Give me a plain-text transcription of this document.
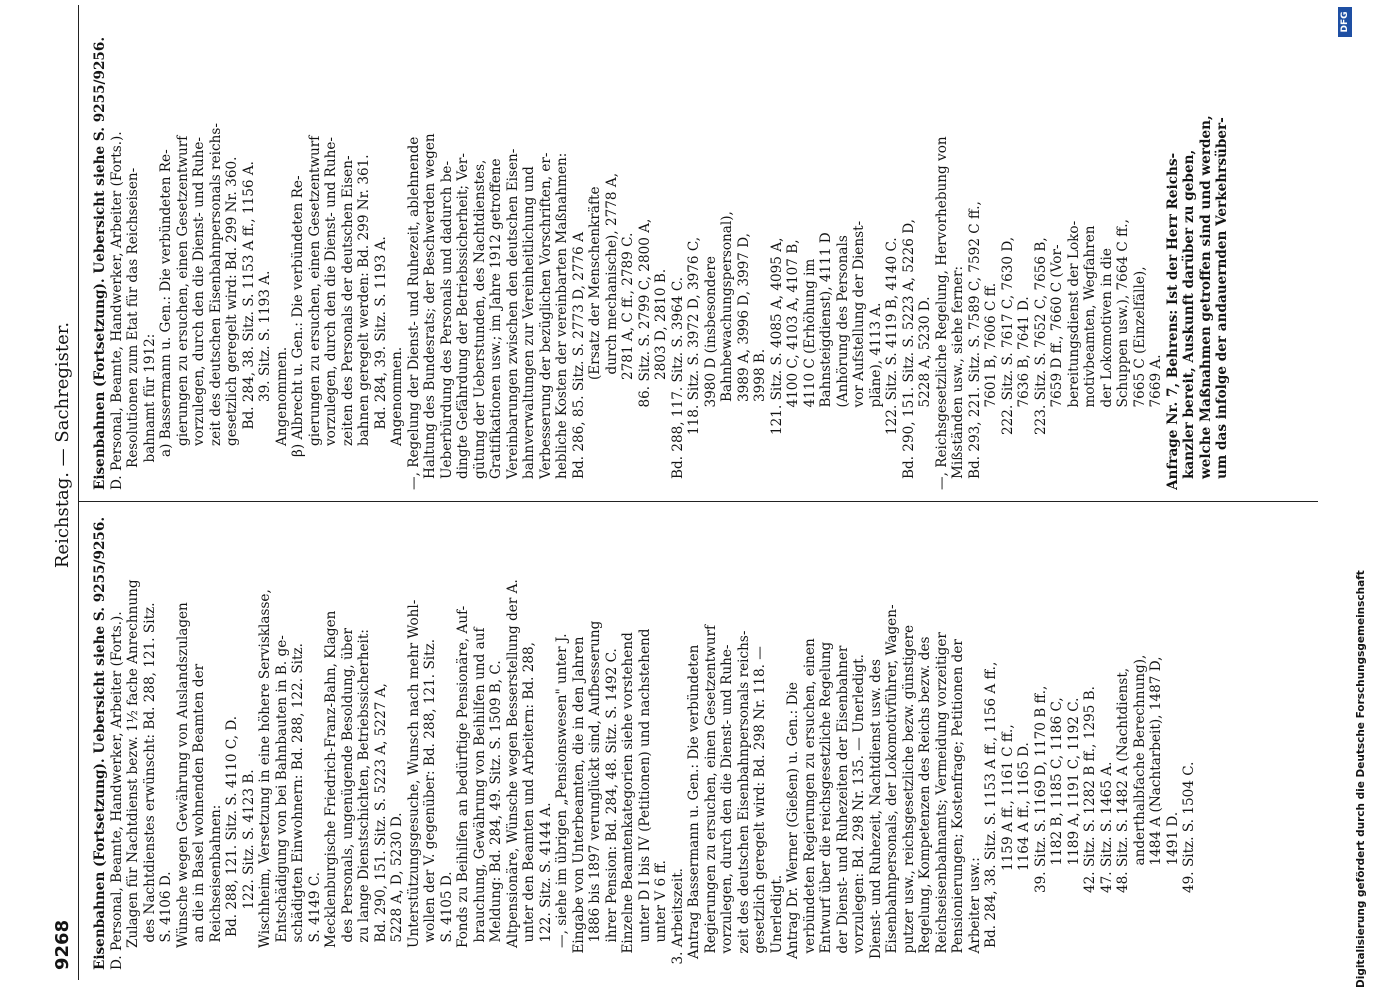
9268
Reichstag. — Sachregister.
Eisenbahnen (Fortsetzung). Uebersicht siehe S. 9255/9256. D. Personal, Beamte, Handwerker, Arbeiter (Forts.). Zulagen für Nachtdienst bezw. 1½ fache Anrechnung des Nachtdienstes erwünscht: Bd. 288, 121. Sitz. S. 4106 D. Wünsche wegen Gewährung von Auslandszulagen an die in Basel wohnenden Beamten der Reichseisenbahnen: Bd. 288, 121. Sitz. S. 4110 C, D. 122. Sitz. S. 4123 B. Wischheim, Versetzung in eine höhere Servisklasse, Entschädigung von bei Bahnbauten in B. ge- schädigten Einwohnern: Bd. 288, 122. Sitz. S. 4149 C. Mecklenburgische Friedrich-Franz-Bahn, Klagen des Personals, ungenügende Besoldung, über zu lange Dienstschichten, Betriebssicherheit: Bd. 290, 151. Sitz. S. 5223 A, 5227 A, 5228 A, D, 5230 D. Unterstützungsgesuche, Wunsch nach mehr Wohl- wollen der V. gegenüber: Bd. 288, 121. Sitz. S. 4105 D. Fonds zu Beihilfen an bedürftige Pensionäre, Auf- brauchung, Gewährung von Beihilfen und auf Meldung: Bd. 284, 49. Sitz. S. 1509 B, C. Altpensionäre, Wünsche wegen Besserstellung der A. unter den Beamten und Arbeitern: Bd. 288, 122. Sitz. S. 4144 A. —, siehe im übrigen „Pensionswesen" unter J. Eingabe von Unterbeamten, die in den Jahren 1886 bis 1897 verunglückt sind, Aufbesserung ihrer Pension: Bd. 284, 48. Sitz. S. 1492 C. Einzelne Beamtenkategorien siehe vorstehend unter D I bis IV (Petitionen) und nachstehend unter V 6 ff. 3. Arbeitszeit. Antrag Bassermann u. Gen.: Die verbündeten Regierungen zu ersuchen, einen Gesetzentwurf vorzulegen, durch den die Dienst- und Ruhe- zeit des deutschen Eisenbahnpersonals reichs- gesetzlich geregelt wird: Bd. 298 Nr. 118. — Unerledigt. Antrag Dr. Werner (Gießen) u. Gen.: Die verbündeten Regierungen zu ersuchen, einen Entwurf über die reichsgesetzliche Regelung der Dienst- und Ruhezeiten der Eisenbahner vorzulegen: Bd. 298 Nr. 135. — Unerledigt. Dienst- und Ruhezeit, Nachtdienst usw. des Eisenbahnpersonals, der Lokomotivführer, Wagen- putzer usw., reichsgesetzliche bezw. günstigere Regelung, Kompetenzen des Reichs bezw. des Reichseisenbahnamts; Vermeidung vorzeitiger Pensionierungen; Kostenfrage; Petitionen der Arbeiter usw.: Bd. 284, 38. Sitz. S. 1153 A ff., 1156 A ff., 1159 A ff., 1161 C ff., 1164 A ff., 1165 D. 39. Sitz. S. 1169 D, 1170 B ff., 1182 B, 1185 C, 1186 C, 1189 A, 1191 C, 1192 C. 42. Sitz. S. 1282 B ff., 1295 B. 47. Sitz. S. 1465 A. 48. Sitz. S. 1482 A (Nachtdienst, anderthalbfache Berechnung), 1484 A (Nachtarbeit), 1487 D, 1491 D. 49. Sitz. S. 1504 C.
Eisenbahnen (Fortsetzung). Uebersicht siehe S. 9255/9256. D. Personal, Beamte, Handwerker, Arbeiter (Forts.). Resolutionen zum Etat für das Reichseisen- bahnamt für 1912: a) Bassermann u. Gen.: Die verbündeten Re- gierungen zu ersuchen, einen Gesetzentwurf vorzulegen, durch den die Dienst- und Ruhe- zeit des deutschen Eisenbahnpersonals reichs- gesetzlich geregelt wird: Bd. 299 Nr. 360. Bd. 284, 38. Sitz. S. 1153 A ff., 1156 A. 39. Sitz. S. 1193 A. Angenommen. β) Albrecht u. Gen.: Die verbündeten Re- gierungen zu ersuchen, einen Gesetzentwurf vorzulegen, durch den die Dienst- und Ruhe- zeiten des Personals der deutschen Eisen- bahnen geregelt werden: Bd. 299 Nr. 361. Bd. 284, 39. Sitz. S. 1193 A. Angenommen. —, Regelung der Dienst- und Ruhezeit, ablehnende Haltung des Bundesrats; der Beschwerden wegen Ueberbürdung des Personals und dadurch be- dingte Gefährdung der Betriebssicherheit; Ver- gütung der Ueberstunden, des Nachtdienstes, Gratifikationen usw.; im Jahre 1912 getroffene Vereinbarungen zwischen den deutschen Eisen- bahnverwaltungen zur Vereinheitlichung und Verbesserung der bezüglichen Vorschriften, er- hebliche Kosten der vereinbarten Maßnahmen: Bd. 286, 85. Sitz. S. 2773 D, 2776 A (Ersatz der Menschenkräfte durch mechanische), 2778 A, 2781 A, C ff., 2789 C. 86. Sitz. S. 2799 C, 2800 A, 2803 D, 2810 B. Bd. 288, 117. Sitz. S. 3964 C. 118. Sitz. S. 3972 D, 3976 C, 3980 D (insbesondere Bahnbewachungspersonal), 3989 A, 3996 D, 3997 D, 3998 B. 121. Sitz. S. 4085 A, 4095 A, 4100 C, 4103 A, 4107 B, 4110 C (Erhöhung im Bahnsteigdienst), 4111 D (Anhörung des Personals vor Aufstellung der Dienst- pläne), 4113 A. 122. Sitz. S. 4119 B, 4140 C. Bd. 290, 151. Sitz. S. 5223 A, 5226 D, 5228 A, 5230 D. —, Reichsgesetzliche Regelung, Hervorhebung von Mißständen usw., siehe ferner: Bd. 293, 221. Sitz. S. 7589 C, 7592 C ff., 7601 B, 7606 C ff. 222. Sitz. S. 7617 C, 7630 D, 7636 B, 7641 D. 223. Sitz. S. 7652 C, 7656 B, 7659 D ff., 7660 C (Vor- bereitungsdienst der Loko- motivbeamten, Wegfahren der Lokomotiven in die Schuppen usw.), 7664 C ff., 7665 C (Einzelfälle), 7669 A. Anfrage Nr. 7, Behrens: Ist der Herr Reichs- kanzler bereit, Auskunft darüber zu geben, welche Maßnahmen getroffen sind und werden, um das infolge der andauernden Verkehrsüber-
Digitalisierung gefördert durch die Deutsche Forschungsgemeinschaft
DFG
